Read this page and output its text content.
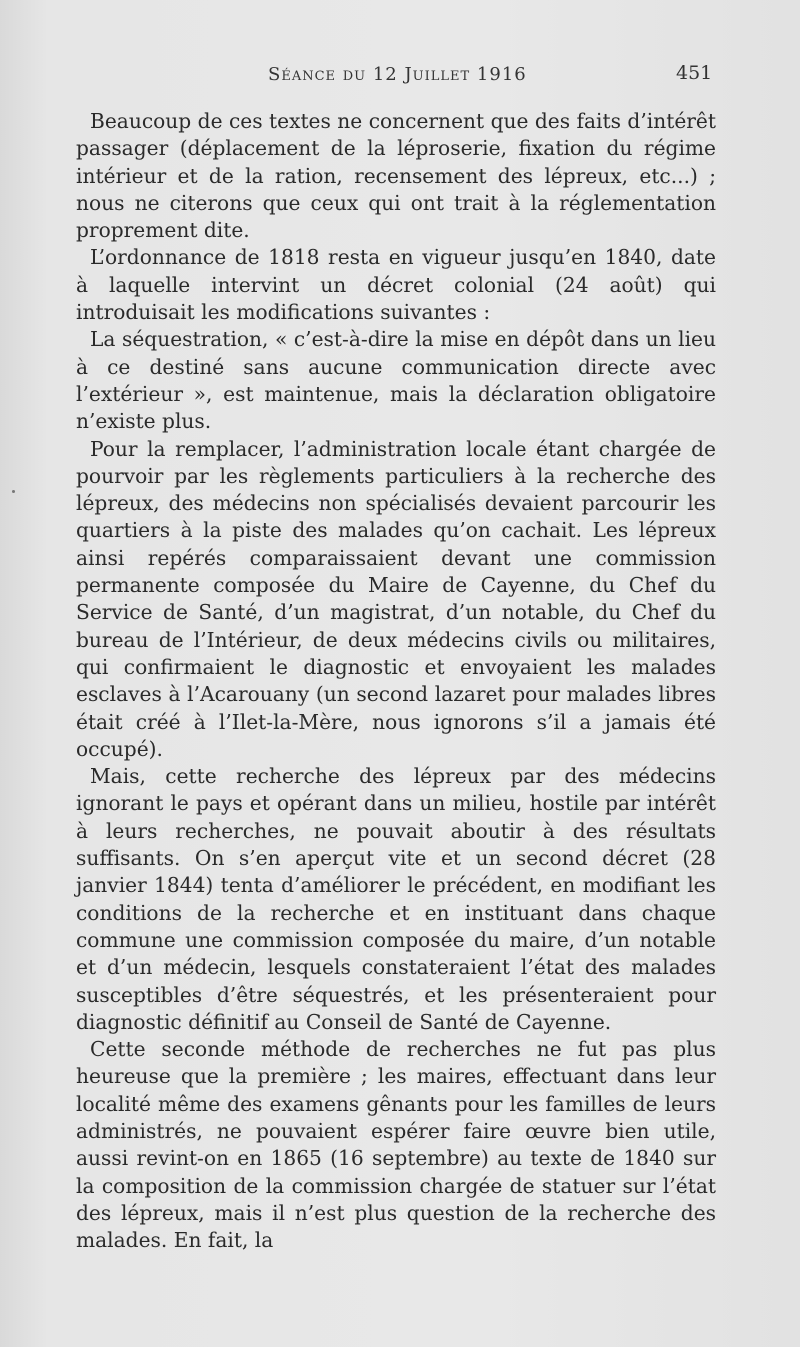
Séance du 12 Juillet 1916	451

Beaucoup de ces textes ne concernent que des faits d’intérêt passager (déplacement de la léproserie, fixation du régime intérieur et de la ration, recensement des lépreux, etc...) ; nous ne citerons que ceux qui ont trait à la réglementation proprement dite.

L’ordonnance de 1818 resta en vigueur jusqu’en 1840, date à laquelle intervint un décret colonial (24 août) qui introduisait les modifications suivantes :

La séquestration, « c’est-à-dire la mise en dépôt dans un lieu à ce destiné sans aucune communication directe avec l’extérieur », est maintenue, mais la déclaration obligatoire n’existe plus.

Pour la remplacer, l’administration locale étant chargée de pourvoir par les règlements particuliers à la recherche des lépreux, des médecins non spécialisés devaient parcourir les quartiers à la piste des malades qu’on cachait. Les lépreux ainsi repérés comparaissaient devant une commission permanente composée du Maire de Cayenne, du Chef du Service de Santé, d’un magistrat, d’un notable, du Chef du bureau de l’Intérieur, de deux médecins civils ou militaires, qui confirmaient le diagnostic et envoyaient les malades esclaves à l’Acarouany (un second lazaret pour malades libres était créé à l’Ilet-la-Mère, nous ignorons s’il a jamais été occupé).

Mais, cette recherche des lépreux par des médecins ignorant le pays et opérant dans un milieu, hostile par intérêt à leurs recherches, ne pouvait aboutir à des résultats suffisants. On s’en aperçut vite et un second décret (28 janvier 1844) tenta d’améliorer le précédent, en modifiant les conditions de la recherche et en instituant dans chaque commune une commission composée du maire, d’un notable et d’un médecin, lesquels constateraient l’état des malades susceptibles d’être séquestrés, et les présenteraient pour diagnostic définitif au Conseil de Santé de Cayenne.

Cette seconde méthode de recherches ne fut pas plus heureuse que la première ; les maires, effectuant dans leur localité même des examens gênants pour les familles de leurs administrés, ne pouvaient espérer faire œuvre bien utile, aussi revint-on en 1865 (16 septembre) au texte de 1840 sur la composition de la commission chargée de statuer sur l’état des lépreux, mais il n’est plus question de la recherche des malades. En fait, la
